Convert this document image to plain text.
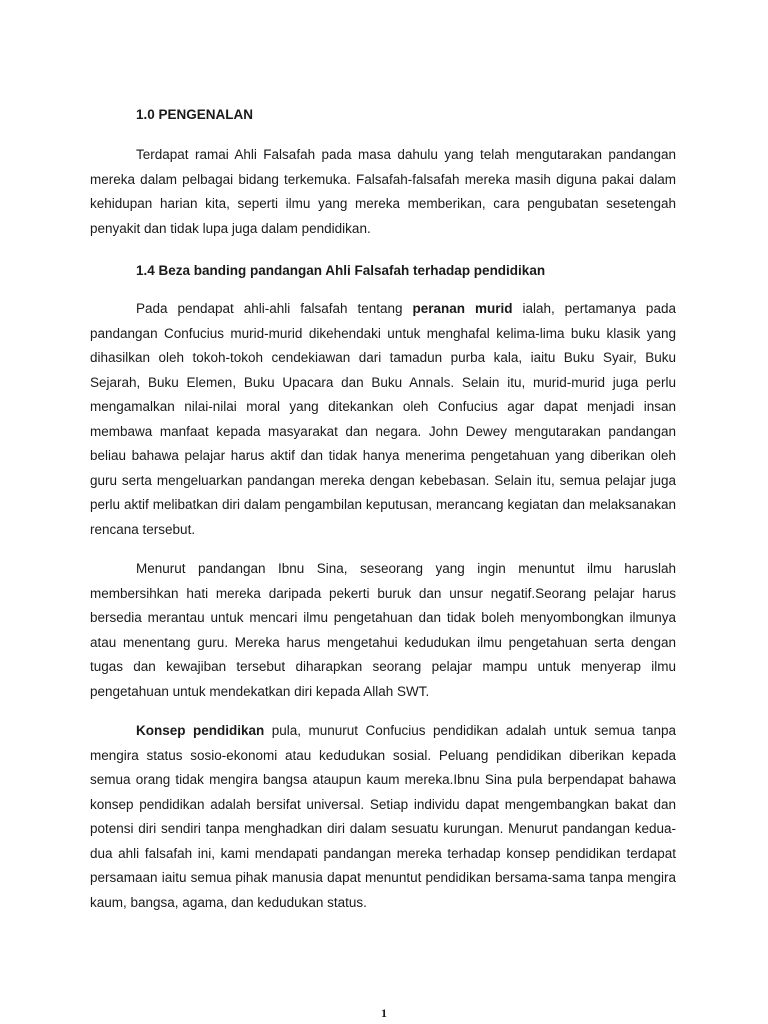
1.0 PENGENALAN

Terdapat ramai Ahli Falsafah pada masa dahulu yang telah mengutarakan pandangan mereka dalam pelbagai bidang terkemuka. Falsafah-falsafah mereka masih diguna pakai dalam kehidupan harian kita, seperti ilmu yang mereka memberikan, cara pengubatan sesetengah penyakit dan tidak lupa juga dalam pendidikan.

1.4 Beza banding pandangan Ahli Falsafah terhadap pendidikan

Pada pendapat ahli-ahli falsafah tentang peranan murid ialah, pertamanya pada pandangan Confucius murid-murid dikehendaki untuk menghafal kelima-lima buku klasik yang dihasilkan oleh tokoh-tokoh cendekiawan dari tamadun purba kala, iaitu Buku Syair, Buku Sejarah, Buku Elemen, Buku Upacara dan Buku Annals. Selain itu, murid-murid juga perlu mengamalkan nilai-nilai moral yang ditekankan oleh Confucius agar dapat menjadi insan membawa manfaat kepada masyarakat dan negara. John Dewey mengutarakan pandangan beliau bahawa pelajar harus aktif dan tidak hanya menerima pengetahuan yang diberikan oleh guru serta mengeluarkan pandangan mereka dengan kebebasan. Selain itu, semua pelajar juga perlu aktif melibatkan diri dalam pengambilan keputusan, merancang kegiatan dan melaksanakan rencana tersebut.

Menurut pandangan Ibnu Sina, seseorang yang ingin menuntut ilmu haruslah membersihkan hati mereka daripada pekerti buruk dan unsur negatif.Seorang pelajar harus bersedia merantau untuk mencari ilmu pengetahuan dan tidak boleh menyombongkan ilmunya atau menentang guru. Mereka harus mengetahui kedudukan ilmu pengetahuan serta dengan tugas dan kewajiban tersebut diharapkan seorang pelajar mampu untuk menyerap ilmu pengetahuan untuk mendekatkan diri kepada Allah SWT.

Konsep pendidikan pula, munurut Confucius pendidikan adalah untuk semua tanpa mengira status sosio-ekonomi atau kedudukan sosial. Peluang pendidikan diberikan kepada semua orang tidak mengira bangsa ataupun kaum mereka.Ibnu Sina pula berpendapat bahawa konsep pendidikan adalah bersifat universal. Setiap individu dapat mengembangkan bakat dan potensi diri sendiri tanpa menghadkan diri dalam sesuatu kurungan. Menurut pandangan kedua-dua ahli falsafah ini, kami mendapati pandangan mereka terhadap konsep pendidikan terdapat persamaan iaitu semua pihak manusia dapat menuntut pendidikan bersama-sama tanpa mengira kaum, bangsa, agama, dan kedudukan status.

1
